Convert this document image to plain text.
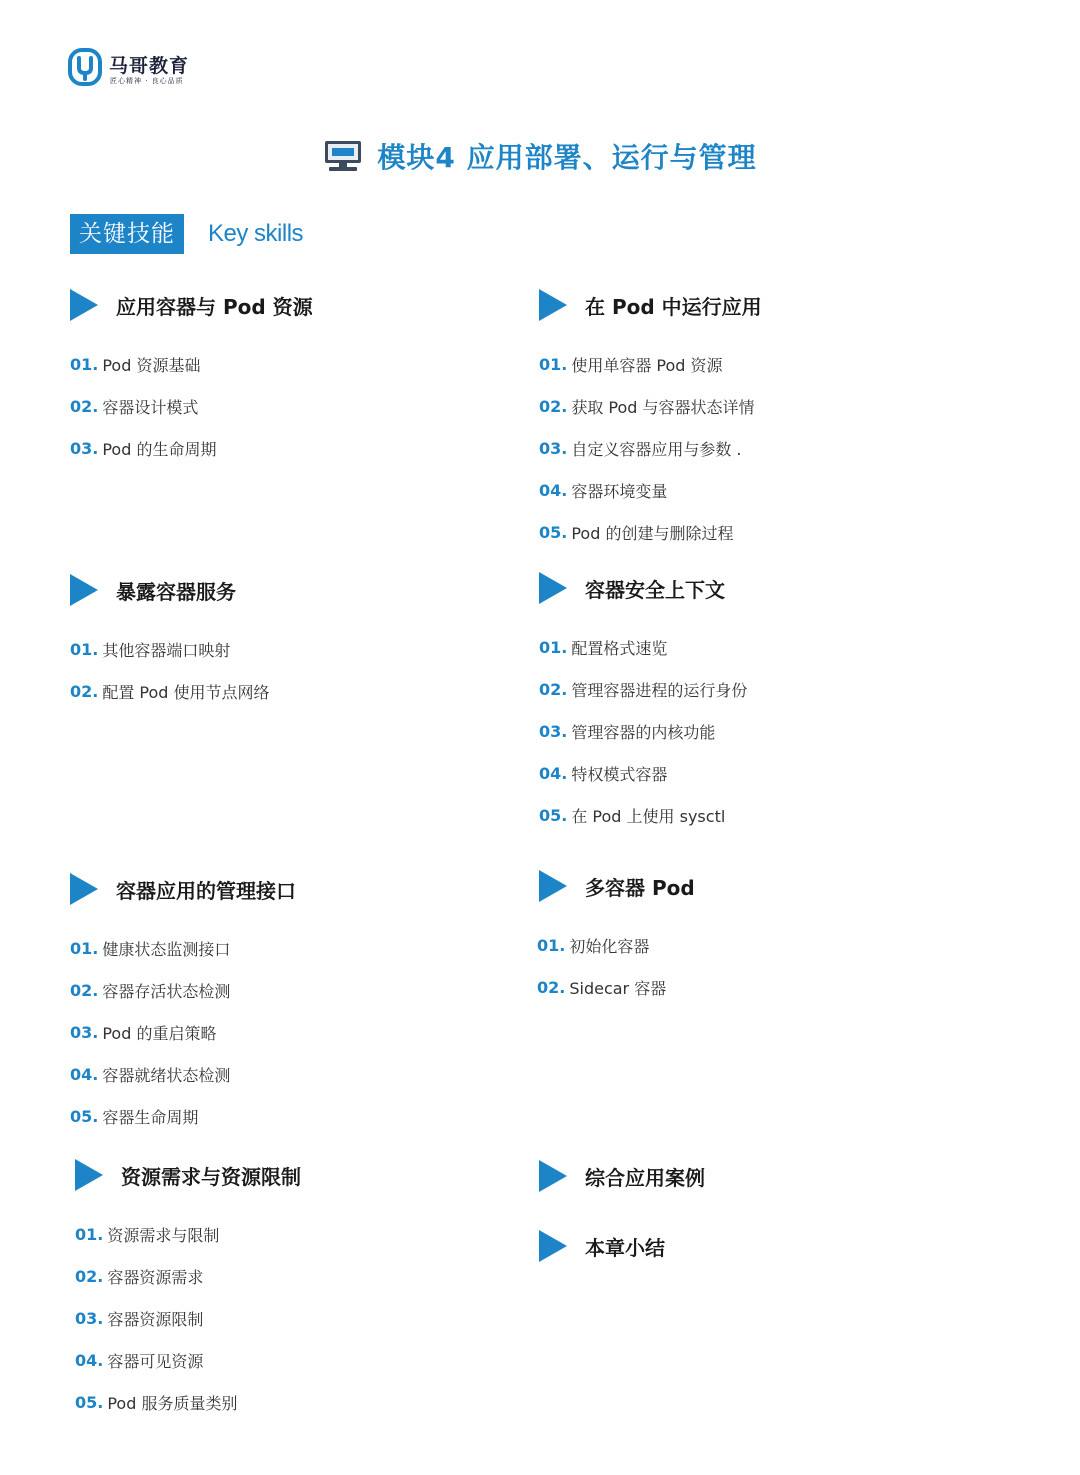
马哥教育
匠心精神 · 良心品质
模块4 应用部署、运行与管理
关键技能	Key skills
应用容器与 Pod 资源
01. Pod 资源基础
02. 容器设计模式
03. Pod 的生命周期
在 Pod 中运行应用
01. 使用单容器 Pod 资源
02. 获取 Pod 与容器状态详情
03. 自定义容器应用与参数 .
04. 容器环境变量
05. Pod 的创建与删除过程
暴露容器服务
01. 其他容器端口映射
02. 配置 Pod 使用节点网络
容器安全上下文
01. 配置格式速览
02. 管理容器进程的运行身份
03. 管理容器的内核功能
04. 特权模式容器
05. 在 Pod 上使用 sysctl
容器应用的管理接口
01. 健康状态监测接口
02. 容器存活状态检测
03. Pod 的重启策略
04. 容器就绪状态检测
05. 容器生命周期
多容器 Pod
01. 初始化容器
02. Sidecar 容器
资源需求与资源限制
01. 资源需求与限制
02. 容器资源需求
03. 容器资源限制
04. 容器可见资源
05. Pod 服务质量类别
综合应用案例
本章小结
